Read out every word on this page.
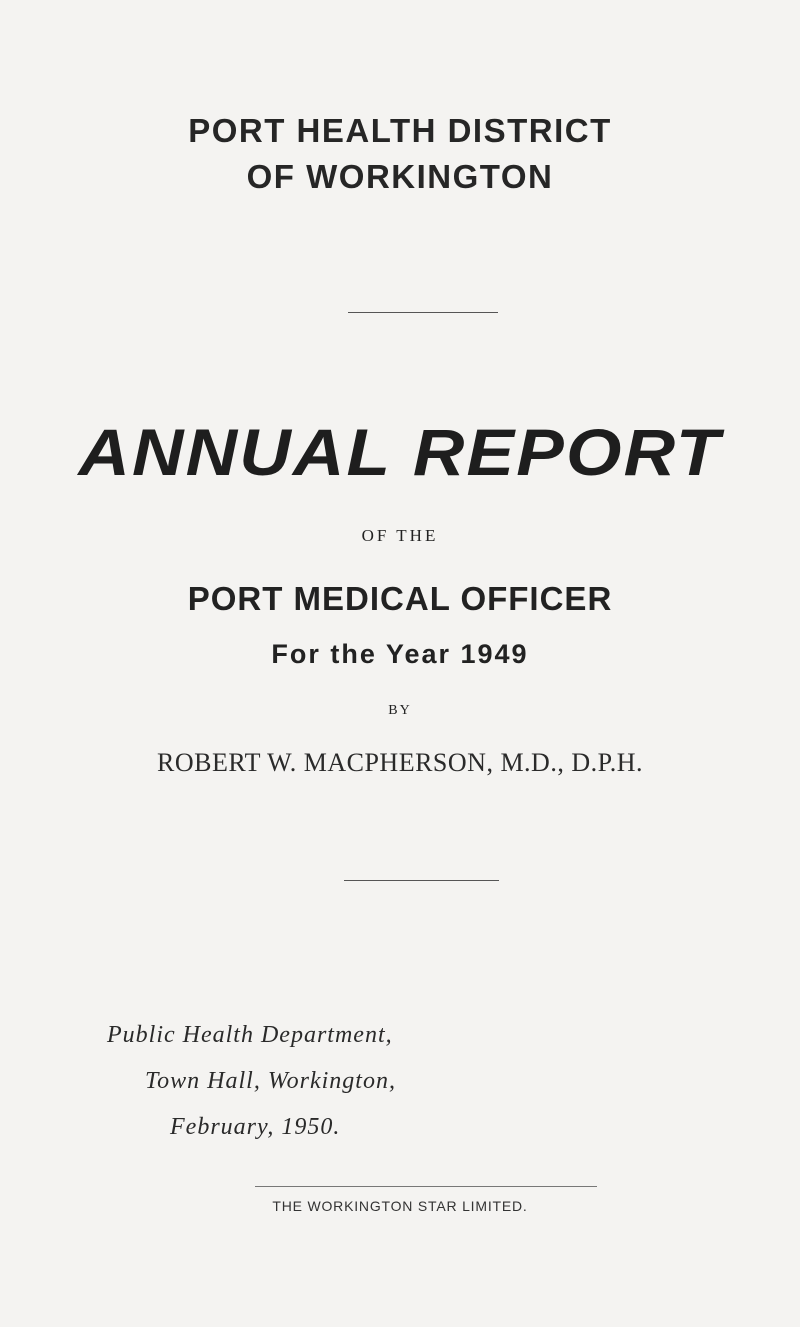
PORT HEALTH DISTRICT
OF WORKINGTON
ANNUAL REPORT
OF THE
PORT MEDICAL OFFICER
For the Year 1949
BY
ROBERT W. MACPHERSON, M.D., D.P.H.
Public Health Department,
Town Hall, Workington,
February, 1950.
THE WORKINGTON STAR LIMITED.
